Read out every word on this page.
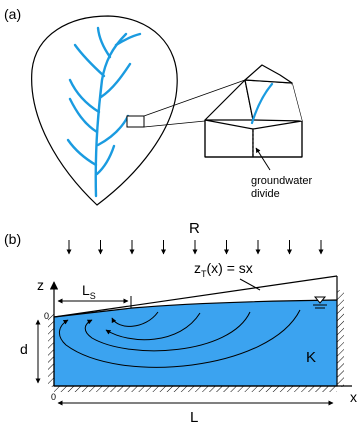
(a)
groundwater
divide
(b)
R
$z_T(x)$ = sx
z
0
x
0
$L_S$
d	K
L
